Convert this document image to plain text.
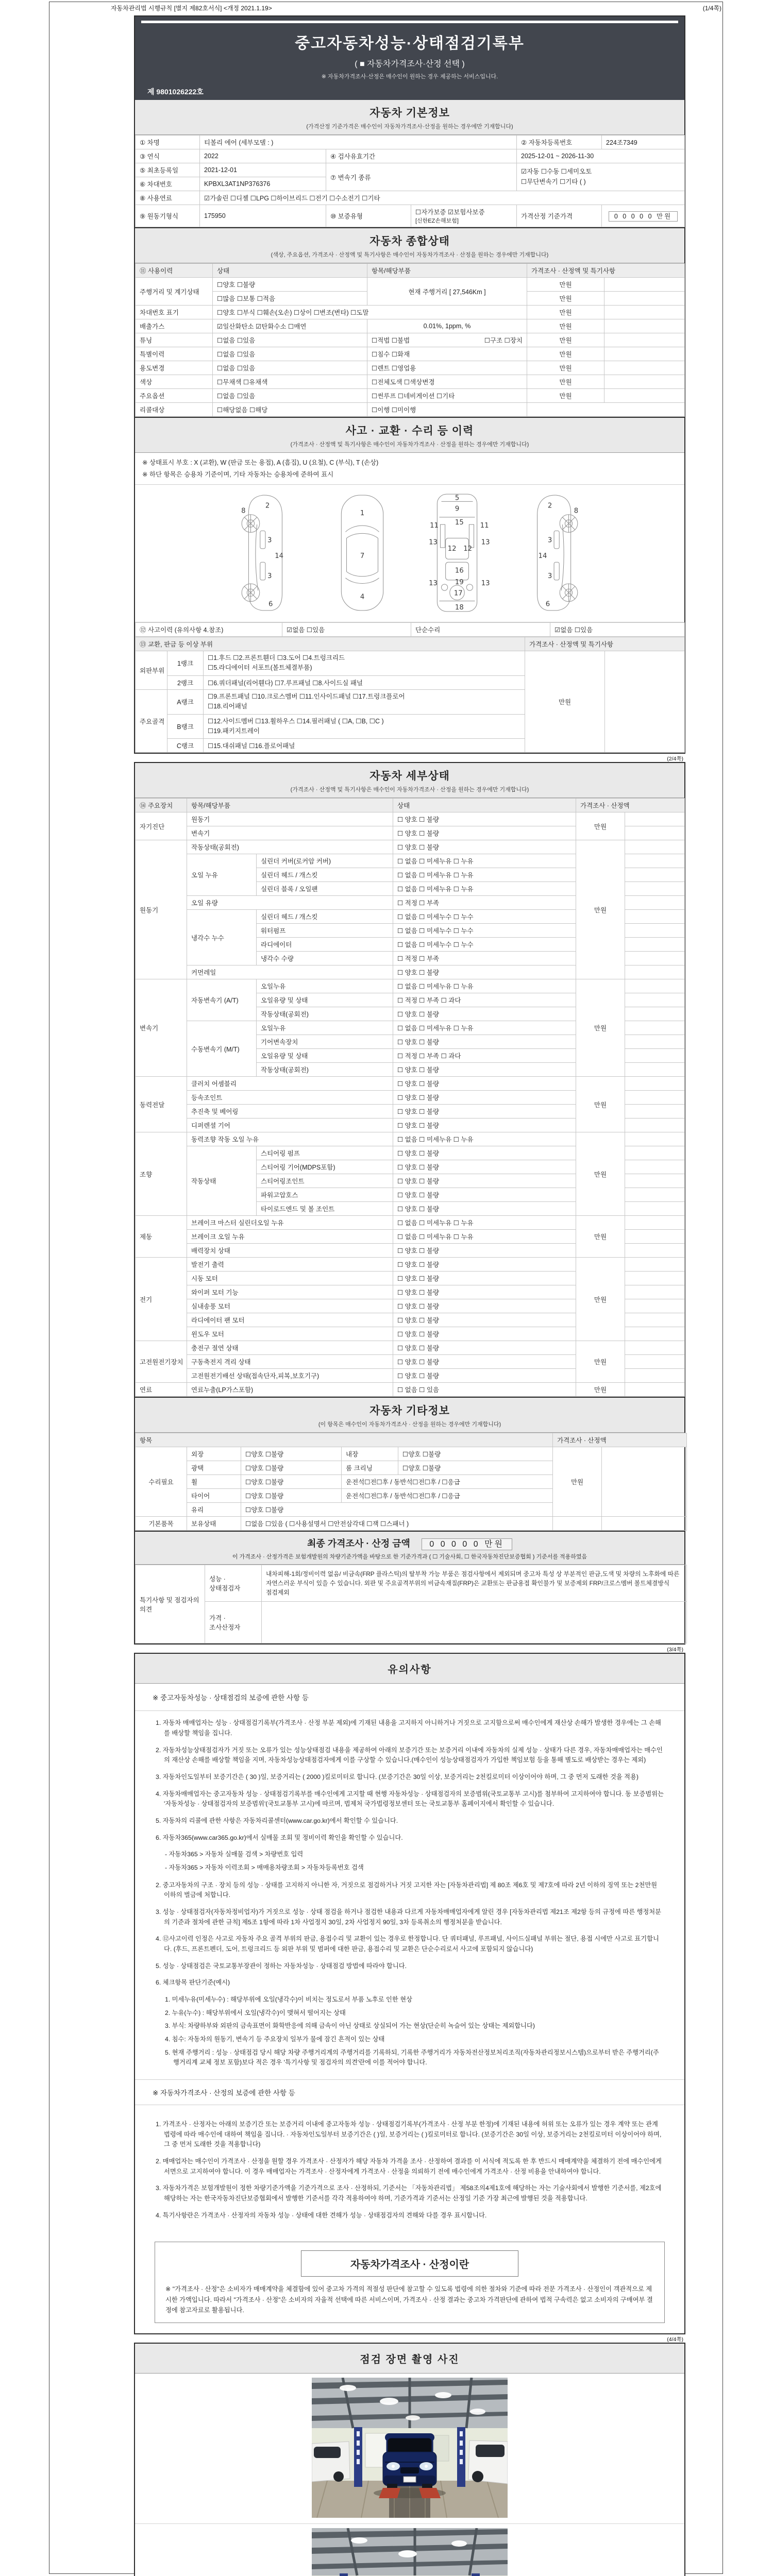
자동차관리법 시행규칙 [별지 제82호서식] <개정 2021.1.19>	(1/4쪽)
중고자동차성능·상태점검기록부
( ■ 자동차가격조사·산정 선택 )
※ 자동차가격조사·산정은 매수인이 원하는 경우 제공하는 서비스입니다.
제 9801026222호
자동차 기본정보
(가격산정 기준가격은 매수인이 자동차가격조사·산정을 원하는 경우에만 기재합니다)
① 차명	티볼리 에어 (세부모델 : )			② 자동차등록번호	224조7349
③ 연식	2022	④ 검사유효기간		2025-12-01 ~ 2026-11-30	
⑤ 최초등록일	2021-12-01	⑦ 변속기 종류		☑자동 ☐수동 ☐세미오토
☐무단변속기 ☐기타 ( )	

⑥ 차대번호	KPBXL3AT1NP376376				
⑧ 사용연료	☑가솔린 ☐디젤 ☐LPG ☐하이브리드 ☐전기 ☐수소전기 ☐기타				
⑨ 원동기형식	175950	⑩ 보증유형	☐자가보증 ☑보험사보증 [신한EZ손해보험]	가격산정 기준가격	0 0 0 0 0 만원
자동차 종합상태
(색상, 주요옵션, 가격조사 · 산정액 및 특기사항은 매수인이 자동차가격조사 · 산정을 원하는 경우에만 기재합니다)
⑪ 사용이력	상태	항목/해당부품	가격조사 · 산정액 및 특기사항	
주행거리 및 계기상태	☐양호 ☐불량	현재 주행거리 [ 27,546Km ]	만원	
	☐많음 ☐보통 ☐적음		만원	
차대번호 표기	☐양호 ☐부식 ☐훼손(오손) ☐상이 ☐변조(변타) ☐도말		만원	
배출가스	☑일산화탄소 ☑탄화수소 ☐매연	0.01%, 1ppm, %	만원	
튜닝	☐없음 ☐있음	☐적법 ☐불법 ☐구조 ☐장치	만원	
특별이력	☐없음 ☐있음	☐침수 ☐화재	만원	
용도변경	☐없음 ☐있음	☐렌트 ☐영업용	만원	
색상	☐무채색 ☐유채색	☐전체도색 ☐색상변경	만원	
주요옵션	☐없음 ☐있음	☐썬루프 ☐네비게이션 ☐기타	만원	
리콜대상	☐해당없음 ☐해당	☐이행 ☐미이행		
사고 · 교환 · 수리 등 이력
(가격조사 · 산정액 및 특기사항은 매수인이 자동차가격조사 · 산정을 원하는 경우에만 기재합니다)
※ 상태표시 부호 : X (교환), W (판금 또는 용접), A (흠집), U (요철), C (부식), T (손상)
※ 하단 항목은 승용차 기준이며, 기타 자동차는 승용차에 준하여 표시
2
8
3
14
3
6
1
7
4
5
9
15
11	11
13	13
12 12
16
13	13
19
17
18
2
8
3
14
3
6
⑫ 사고이력 (유의사항 4.참조)	☑없음 ☐있음	단순수리	☑없음 ☐있음
⑬ 교환, 판금 등 이상 부위			가격조사 · 산정액 및 특기사항	
외판부위	1랭크	☐1.후드 ☐2.프론트휀더 ☐3.도어 ☐4.트렁크리드
☐5.라디에이터 서포트(볼트체결부품)	만원	
	2랭크	☐6.쿼더패널(리어휀다) ☐7.루프패널 ☐8.사이드실 패널		
주요골격	A랭크	☐9.프론트패널 ☐10.크로스멤버 ☐11.인사이드패널 ☐17.트렁크플로어
☐18.리어패널		

	B랭크	☐12.사이드멤버 ☐13.휠하우스 ☐14.필러패널 ( ☐A, ☐B, ☐C )
☐19.패키지트레이		

	C랭크	☐15.대쉬패널 ☐16.플로어패널		
(2/4쪽)
자동차 세부상태
(가격조사 · 산정액 및 특기사항은 매수인이 자동차가격조사 · 산정을 원하는 경우에만 기재합니다)
⑭ 주요장치	항목/해당부품		상태	가격조사 · 산정액	
자기진단	원동기		☐ 양호 ☐ 불량	만원	
	변속기		☐ 양호 ☐ 불량		
원동기	작동상태(공회전)		☐ 양호 ☐ 불량	만원	
	오일 누유	실린더 커버(로커암 커버)	☐ 없음 ☐ 미세누유 ☐ 누유		
		실린더 헤드 / 개스킷	☐ 없음 ☐ 미세누유 ☐ 누유		
		실린더 블록 / 오일팬	☐ 없음 ☐ 미세누유 ☐ 누유		
	오일 유량		☐ 적정 ☐ 부족		
	냉각수 누수	실린더 헤드 / 개스킷	☐ 없음 ☐ 미세누수 ☐ 누수		
		워터펌프	☐ 없음 ☐ 미세누수 ☐ 누수		
		라디에이터	☐ 없음 ☐ 미세누수 ☐ 누수		
		냉각수 수량	☐ 적정 ☐ 부족		
	커먼레일		☐ 양호 ☐ 불량		
변속기	자동변속기 (A/T)	오일누유	☐ 없음 ☐ 미세누유 ☐ 누유	만원	
		오일유량 및 상태	☐ 적정 ☐ 부족 ☐ 과다		
		작동상태(공회전)	☐ 양호 ☐ 불량		
	수동변속기 (M/T)	오일누유	☐ 없음 ☐ 미세누유 ☐ 누유		
		기어변속장치	☐ 양호 ☐ 불량		
		오일유량 및 상태	☐ 적정 ☐ 부족 ☐ 과다		
		작동상태(공회전)	☐ 양호 ☐ 불량		
동력전달	클러치 어셈블리		☐ 양호 ☐ 불량	만원	
	등속조인트		☐ 양호 ☐ 불량		
	추진축 및 베어링		☐ 양호 ☐ 불량		
	디퍼렌셜 기어		☐ 양호 ☐ 불량		
조향	동력조향 작동 오일 누유		☐ 없음 ☐ 미세누유 ☐ 누유	만원	
	작동상태	스티어링 펌프	☐ 양호 ☐ 불량		
		스티어링 기어(MDPS포함)	☐ 양호 ☐ 불량		
		스티어링조인트	☐ 양호 ☐ 불량		
		파워고압호스	☐ 양호 ☐ 불량		
		타이로드엔드 및 볼 조인트	☐ 양호 ☐ 불량		
제동	브레이크 마스터 실린더오일 누유		☐ 없음 ☐ 미세누유 ☐ 누유	만원	
	브레이크 오일 누유		☐ 없음 ☐ 미세누유 ☐ 누유		
	배력장치 상태		☐ 양호 ☐ 불량		
전기	발전기 출력		☐ 양호 ☐ 불량	만원	
	시동 모터		☐ 양호 ☐ 불량		
	와이퍼 모터 기능		☐ 양호 ☐ 불량		
	실내송풍 모터		☐ 양호 ☐ 불량		
	라디에이터 팬 모터		☐ 양호 ☐ 불량		
	윈도우 모터		☐ 양호 ☐ 불량		
고전원전기장치	충전구 절연 상태		☐ 양호 ☐ 불량	만원	
	구동축전지 격리 상태		☐ 양호 ☐ 불량		
	고전원전기배선 상태(접속단자,피복,보호기구)		☐ 양호 ☐ 불량		
연료	연료누출(LP가스포함)		☐ 없음 ☐ 있음	만원	
자동차 기타정보
(이 항목은 매수인이 자동차가격조사 · 산정을 원하는 경우에만 기재합니다)
항목					가격조사 · 산정액	
수리필요	외장	☐양호 ☐불량	내장	☐양호 ☐불량	만원	
	광택	☐양호 ☐불량	룸 크리닝	☐양호 ☐불량		
	휠	☐양호 ☐불량	운전석☐전☐후 / 동반석☐전☐후 / ☐응급			
	타이어	☐양호 ☐불량	운전석☐전☐후 / 동반석☐전☐후 / ☐응급			
	유리	☐양호 ☐불량				
기본품목	보유상태	☐없음 ☐있음 ( ☐사용설명서 ☐안전삼각대 ☐잭 ☐스패너 )				
최종 가격조사 · 산정 금액 0 0 0 0 0 만원
이 가격조사 · 산정가격은 보험개발원의 차량기준가액을 바탕으로 한 기준가격과 ( ☐ 기술사회, ☐ 한국자동차진단보증협회 ) 기준서를 적용하였음
특기사항 및 점검자의 의견	성능 · 상태점검자	내차피해-1회/정비이력 없음/ 비금속(FRP 플라스틱)의 탈부착 가능 부품은 점검사항에서 제외되며 중고차 특성 상 부분적인 판금,도색 및 차량의 노후화에 따른 자연스러운 부식이 있을 수 있습니다. 외판 및 주요골격부위의 비금속재질(FRP)은 교환또는 판금용접 확인불가 및 보증제외 FRP/크로스멤버 볼트체결방식 점검제외
	가격 · 조사산정자	
(3/4쪽)
유의사항
※ 중고자동차성능 · 상태점검의 보증에 관한 사항 등

1. 자동차 매매업자는 성능 · 상태점검기록부(가격조사 · 산정 부분 제외)에 기재된 내용을 고지하지 아니하거나 거짓으로 고지함으로써 매수인에게 재산상 손해가 발생한 경우에는 그 손해를 배상할 책임을 집니다.

2. 자동차성능상태점검자가 거짓 또는 오류가 있는 성능상태점검 내용을 제공하여 아래의 보증기간 또는 보증거리 이내에 자동차의 실제 성능 · 상태가 다른 경우, 자동차매매업자는 매수인의 재산상 손해를 배상할 책임을 지며, 자동차성능상태점검자에게 이를 구상할 수 있습니다.(매수인이 성능상태점검자가 가입한 책임보험 등을 통해 별도로 배상받는 경우는 제외)

3. 자동차인도일부터 보증기간은 ( 30 )일, 보증거리는 ( 2000 )킬로미터로 합니다. (보증기간은 30일 이상, 보증거리는 2천킬로미터 이상이어야 하며, 그 중 먼저 도래한 것을 적용)

4. 자동차매매업자는 중고자동차 성능 · 상태점검기록부를 매수인에게 고지할 때 현행 자동차성능 · 상태점검자의 보증범위(국토교통부 고시)를 첨부하여 고지하여야 합니다. 동 보증범위는 '자동차성능 · 상태점검자의 보증범위'(국토교통부 고시)에 따르며, 법제처 국가법령정보센터 또는 국토교통부 홈페이지에서 확인할 수 있습니다.

5. 자동차의 리콜에 관한 사항은 자동차리콜센터(www.car.go.kr)에서 확인할 수 있습니다.

6. 자동차365(www.car365.go.kr)에서 실매물 조회 및 정비이력 확인을 확인할 수 있습니다.

- 자동차365 > 자동차 실매물 검색 > 차량번호 입력

- 자동차365 > 자동차 이력조회 > 매매용차량조회 > 자동차등록번호 검색

2. 중고자동차의 구조 · 장치 등의 성능 · 상태를 고지하지 아니한 자, 거짓으로 점검하거나 거짓 고지한 자는 [자동차관리법] 제 80조 제6호 및 제7호에 따라 2년 이하의 징역 또는 2천만원 이하의 벌금에 처합니다.

3. 성능 · 상태점검자(자동차정비업자)가 거짓으로 성능 · 상태 점검을 하거나 점검한 내용과 다르게 자동차매매업자에게 알린 경우 [자동차관리법 제21조 제2항 등의 규정에 따른 행정처분의 기준과 절차에 관한 규칙] 제5조 1항에 따라 1차 사업정지 30일, 2차 사업정지 90일, 3차 등록취소의 행정처분을 받습니다.

4. ⑫사고이력 인정은 사고로 자동차 주요 골격 부위의 판금, 용접수리 및 교환이 있는 경우로 한정합니다. 단 쿼터패널, 루프패널, 사이드실패널 부위는 절단, 용접 시에만 사고로 표기합니다. (후드, 프론트펜더, 도어, 트렁크리드 등 외판 부위 및 범퍼에 대한 판금, 용접수리 및 교환은 단순수리로서 사고에 포함되지 않습니다)

5. 성능 · 상태점검은 국토교통부장관이 정하는 자동차성능 · 상태점검 방법에 따라야 합니다.

6. 체크항목 판단기준(예시)

1. 미세누유(미세누수) : 해당부위에 오일(냉각수)이 비치는 정도로서 부품 노후로 인한 현상

2. 누유(누수) : 해당부위에서 오일(냉각수)이 맺혀서 떨어지는 상태

3. 부식: 차량하부와 외판의 금속표면이 화학반응에 의해 금속이 아닌 상태로 상실되어 가는 현상(단순히 녹슬어 있는 상태는 제외합니다)

4. 침수: 자동차의 원동기, 변속기 등 주요장치 일부가 물에 잠긴 흔적이 있는 상태

5. 현재 주행거리 : 성능 · 상태점검 당시 해당 차량 주행거리계의 주행거리를 기록하되, 기록한 주행거리가 자동차전산정보처리조직(자동차관리정보시스템)으로부터 받은 주행거리(주행거리계 교체 정보 포함)보다 적은 경우 '특기사항 및 점검자의 의견'란에 이를 적어야 합니다.

※ 자동차가격조사 · 산정의 보증에 관한 사항 등

1. 가격조사 · 산정자는 아래의 보증기간 또는 보증거리 이내에 중고자동차 성능 · 상태점검기록부(가격조사 · 산정 부분 한정)에 기재된 내용에 허위 또는 오류가 있는 경우 계약 또는 관계법령에 따라 매수인에 대하여 책임을 집니다. · 자동차인도일부터 보증기간은 ( )일, 보증거리는 ( )킬로미터로 합니다. (보증기간은 30일 이상, 보증거리는 2천킬로미터 이상이어야 하며, 그 중 먼저 도래한 것을 적용합니다)

2. 매매업자는 매수인이 가격조사 · 산정을 원할 경우 가격조사 · 산정자가 해당 자동차 가격을 조사 · 산정하여 결과를 이 서식에 적도록 한 후 반드시 매매계약을 체결하기 전에 매수인에게 서면으로 고지하여야 합니다. 이 경우 매매업자는 가격조사 · 산정자에게 가격조사 · 산정을 의뢰하기 전에 매수인에게 가격조사 · 산정 비용을 안내하여야 합니다.

3. 자동차가격은 보험개발원이 정한 차량기준가액을 기준가격으로 조사 · 산정하되, 기준서는 「자동차관리법」 제58조의4제1호에 해당하는 자는 기술사회에서 발행한 기준서를, 제2호에 해당하는 자는 한국자동차진단보증협회에서 발행한 기준서를 각각 적용하여야 하며, 기준가격과 기준서는 산정일 기준 가장 최근에 발행된 것을 적용합니다.

4. 특기사항란은 가격조사 · 산정자의 자동차 성능 · 상태에 대한 견해가 성능 · 상태점검자의 견해와 다를 경우 표시합니다.

자동차가격조사 · 산정이란
※ "가격조사 · 산정"은 소비자가 매매계약을 체결함에 있어 중고차 가격의 적절성 판단에 참고할 수 있도록 법령에 의한 절차와 기준에 따라 전문 가격조사 · 산정인이 객관적으로 제시한 가액입니다. 따라서 "가격조사 · 산정"은 소비자의 자율적 선택에 따른 서비스이며, 가격조사 · 산정 결과는 중고차 가격판단에 관하여 법적 구속력은 없고 소비자의 구매여부 결정에 참고자료로 활용됩니다.
(4/4쪽)
점검 장면 촬영 사진
